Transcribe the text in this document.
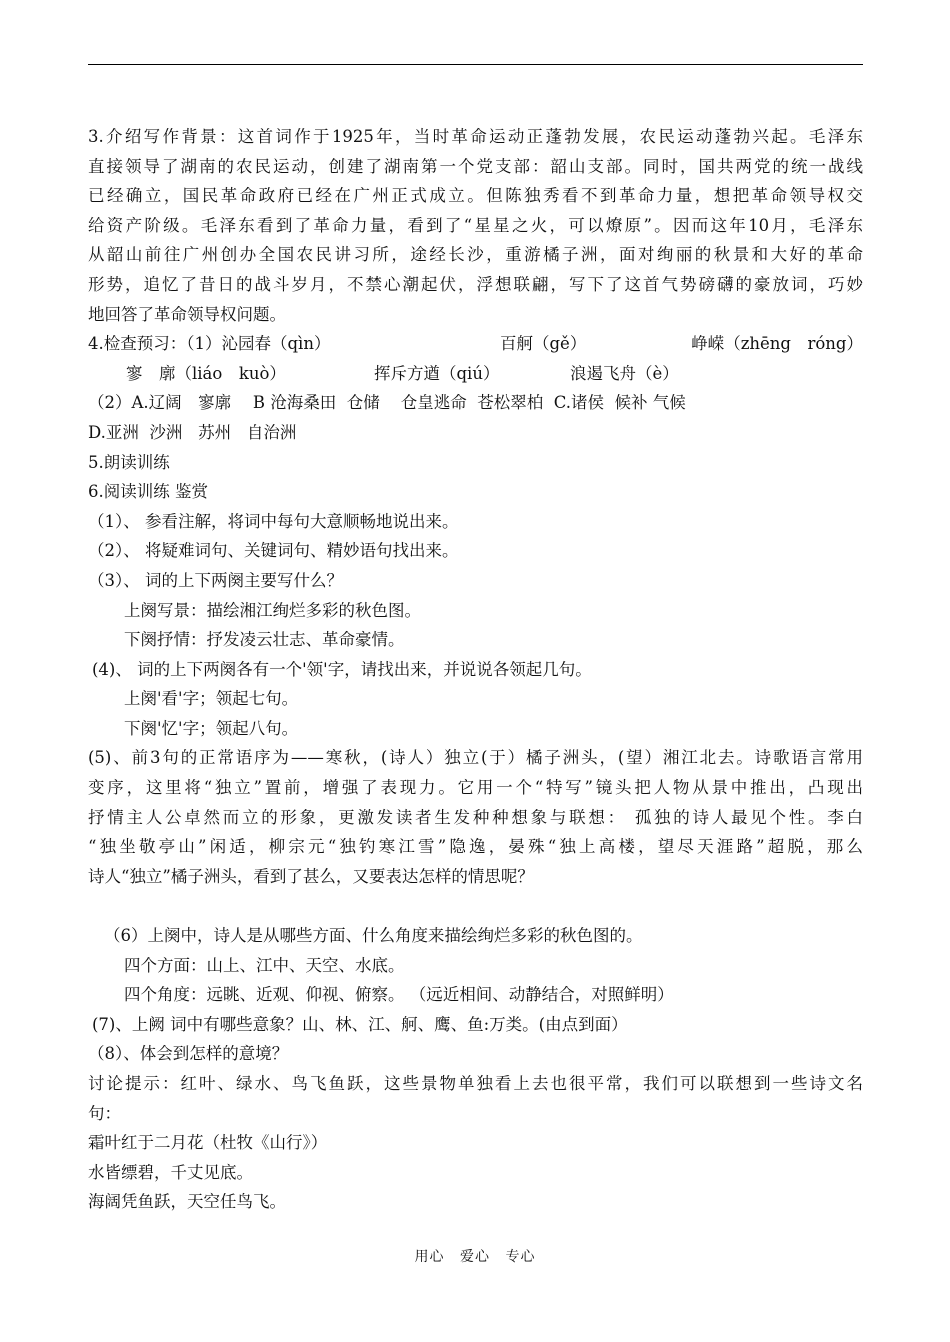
3.介绍写作背景：这首词作于1925年，当时革命运动正蓬勃发展，农民运动蓬勃兴起。毛泽东
直接领导了湖南的农民运动，创建了湖南第一个党支部：韶山支部。同时，国共两党的统一战线
已经确立，国民革命政府已经在广州正式成立。但陈独秀看不到革命力量，想把革命领导权交
给资产阶级。毛泽东看到了革命力量，看到了“星星之火，可以燎原”。因而这年10月，毛泽东
从韶山前往广州创办全国农民讲习所，途经长沙，重游橘子洲，面对绚丽的秋景和大好的革命
形势，追忆了昔日的战斗岁月，不禁心潮起伏，浮想联翩，写下了这首气势磅礴的豪放词，巧妙
地回答了革命领导权问题。
4.检查预习：（1）沁园春（qìn）	百舸（gě）	峥嵘（zhēng　róng）
寥　廓（liáo　kuò）	挥斥方遒（qiú）	浪遏飞舟（è）
（2）A.辽阔　寥廓　 B 沧海桑田  仓储    仓皇逃命  苍松翠柏  C.诸侯  候补 气候
D.亚洲  沙洲   苏州   自治洲
5.朗读训练
6.阅读训练 鉴赏
（1）、 参看注解，将词中每句大意顺畅地说出来。
（2）、 将疑难词句、关键词句、精妙语句找出来。
（3）、 词的上下两阕主要写什么？
上阕写景：描绘湘江绚烂多彩的秋色图。
下阕抒情：抒发凌云壮志、革命豪情。
(4)、 词的上下两阕各有一个'领'字，请找出来，并说说各领起几句。
上阕'看'字；领起七句。
下阕'忆'字；领起八句。
(5)、前3句的正常语序为——寒秋，(诗人）独立(于）橘子洲头，(望）湘江北去。诗歌语言常用
变序，这里将“独立”置前，增强了表现力。它用一个“特写”镜头把人物从景中推出，凸现出
抒情主人公卓然而立的形象，更激发读者生发种种想象与联想： 孤独的诗人最见个性。李白
“独坐敬亭山”闲适，柳宗元“独钓寒江雪”隐逸，晏殊“独上高楼，望尽天涯路”超脱，那么
诗人“独立”橘子洲头，看到了甚么，又要表达怎样的情思呢？
（6）上阕中，诗人是从哪些方面、什么角度来描绘绚烂多彩的秋色图的。
四个方面：山上、江中、天空、水底。
四个角度：远眺、近观、仰视、俯察。 （远近相间、动静结合，对照鲜明）
(7)、上阙 词中有哪些意象？山、林、江、舸、鹰、鱼:万类。(由点到面）
（8）、体会到怎样的意境？
讨论提示：红叶、绿水、鸟飞鱼跃，这些景物单独看上去也很平常，我们可以联想到一些诗文名
句：
霜叶红于二月花（杜牧《山行》）
水皆缥碧，千丈见底。
海阔凭鱼跃，天空任鸟飞。
用心 爱心 专心
